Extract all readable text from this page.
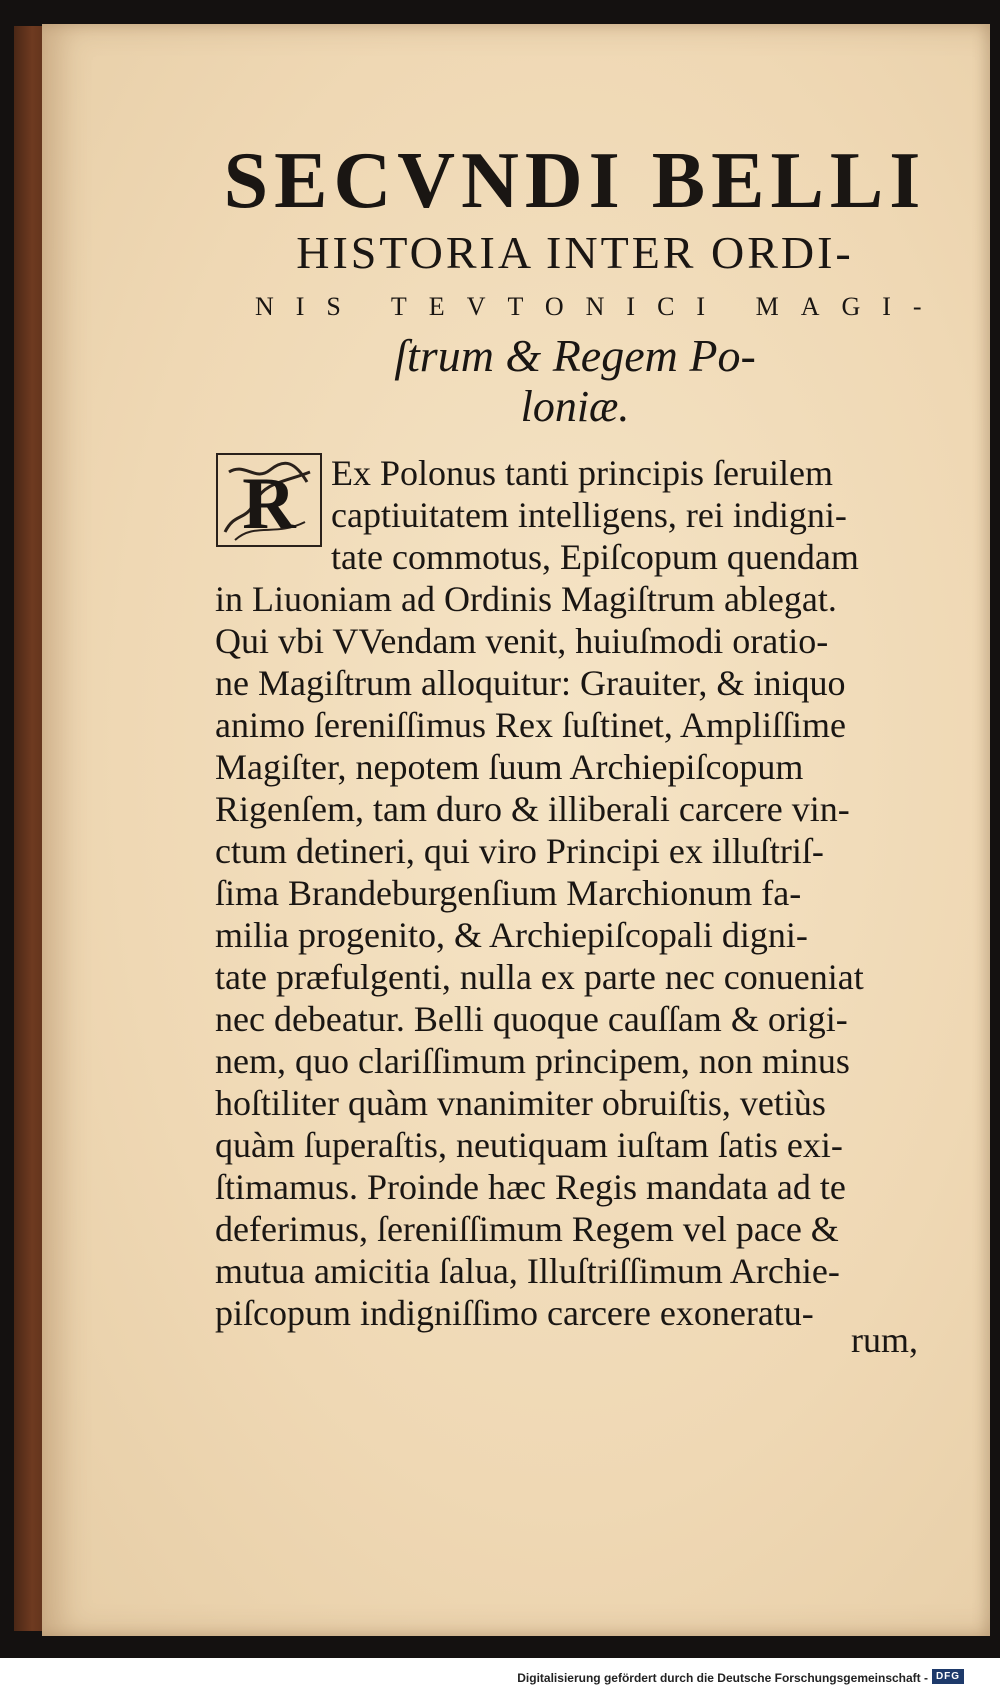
SECVNDI BELLI
HISTORIA INTER ORDI-
NIS TEVTONICI MAGI-
ſtrum & Regem Po-
loniæ.
R Ex Polonus tanti principis ſeruilem
captiuitatem intelligens, rei indigni-
tate commotus, Epiſcopum quendam
in Liuoniam ad Ordinis Magiſtrum ablegat.
Qui vbi VVendam venit, huiuſmodi oratio-
ne Magiſtrum alloquitur: Grauiter, & iniquo
animo ſereniſſimus Rex ſuſtinet, Ampliſſime
Magiſter, nepotem ſuum Archiepiſcopum
Rigenſem, tam duro & illiberali carcere vin-
ctum detineri, qui viro Principi ex illuſtriſ-
ſima Brandeburgenſium Marchionum fa-
milia progenito, & Archiepiſcopali digni-
tate præfulgenti, nulla ex parte nec conueniat
nec debeatur. Belli quoque cauſſam & origi-
nem, quo clariſſimum principem, non minus
hoſtiliter quàm vnanimiter obruiſtis, vetiùs
quàm ſuperaſtis, neutiquam iuſtam ſatis exi-
ſtimamus. Proinde hæc Regis mandata ad te
deferimus, ſereniſſimum Regem vel pace &
mutua amicitia ſalua, Illuſtriſſimum Archie-
piſcopum indigniſſimo carcere exoneratu-
rum,
Digitalisierung gefördert durch die Deutsche Forschungsgemeinschaft - DFG
